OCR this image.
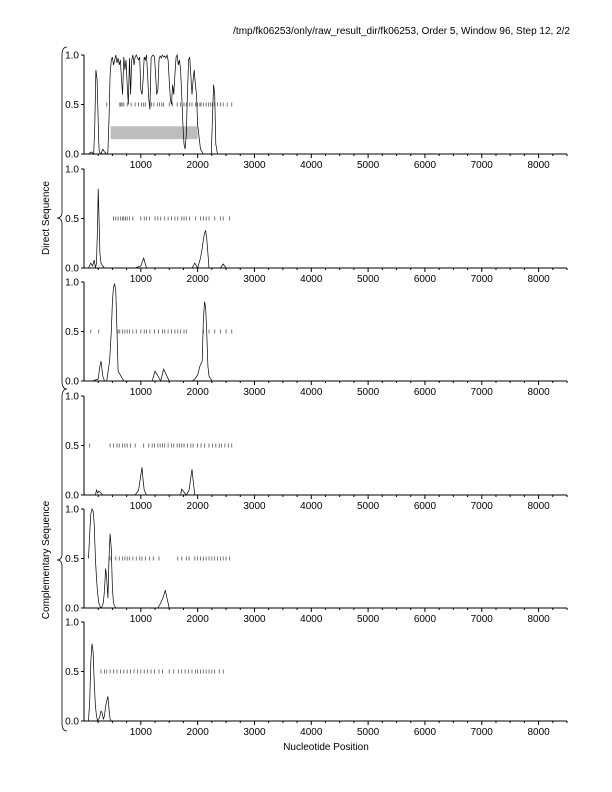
/tmp/fk06253/only/raw_result_dir/fk06253, Order 5, Window 96, Step 12, 2/2
0.0
0.5
1.0
1000	2000	3000	4000	5000	6000	7000	8000
0.0
0.5
1.0
1000	2000	3000	4000	5000	6000	7000	8000
0.0
0.5
1.0
1000	2000	3000	4000	5000	6000	7000	8000
0.0
0.5
1.0
1000	2000	3000	4000	5000	6000	7000	8000
0.0
0.5
1.0
1000	2000	3000	4000	5000	6000	7000	8000
0.0
0.5
1.0
1000	2000	3000	4000	5000	6000	7000	8000
Direct Sequence
Complementary Sequence
Nucleotide Position
